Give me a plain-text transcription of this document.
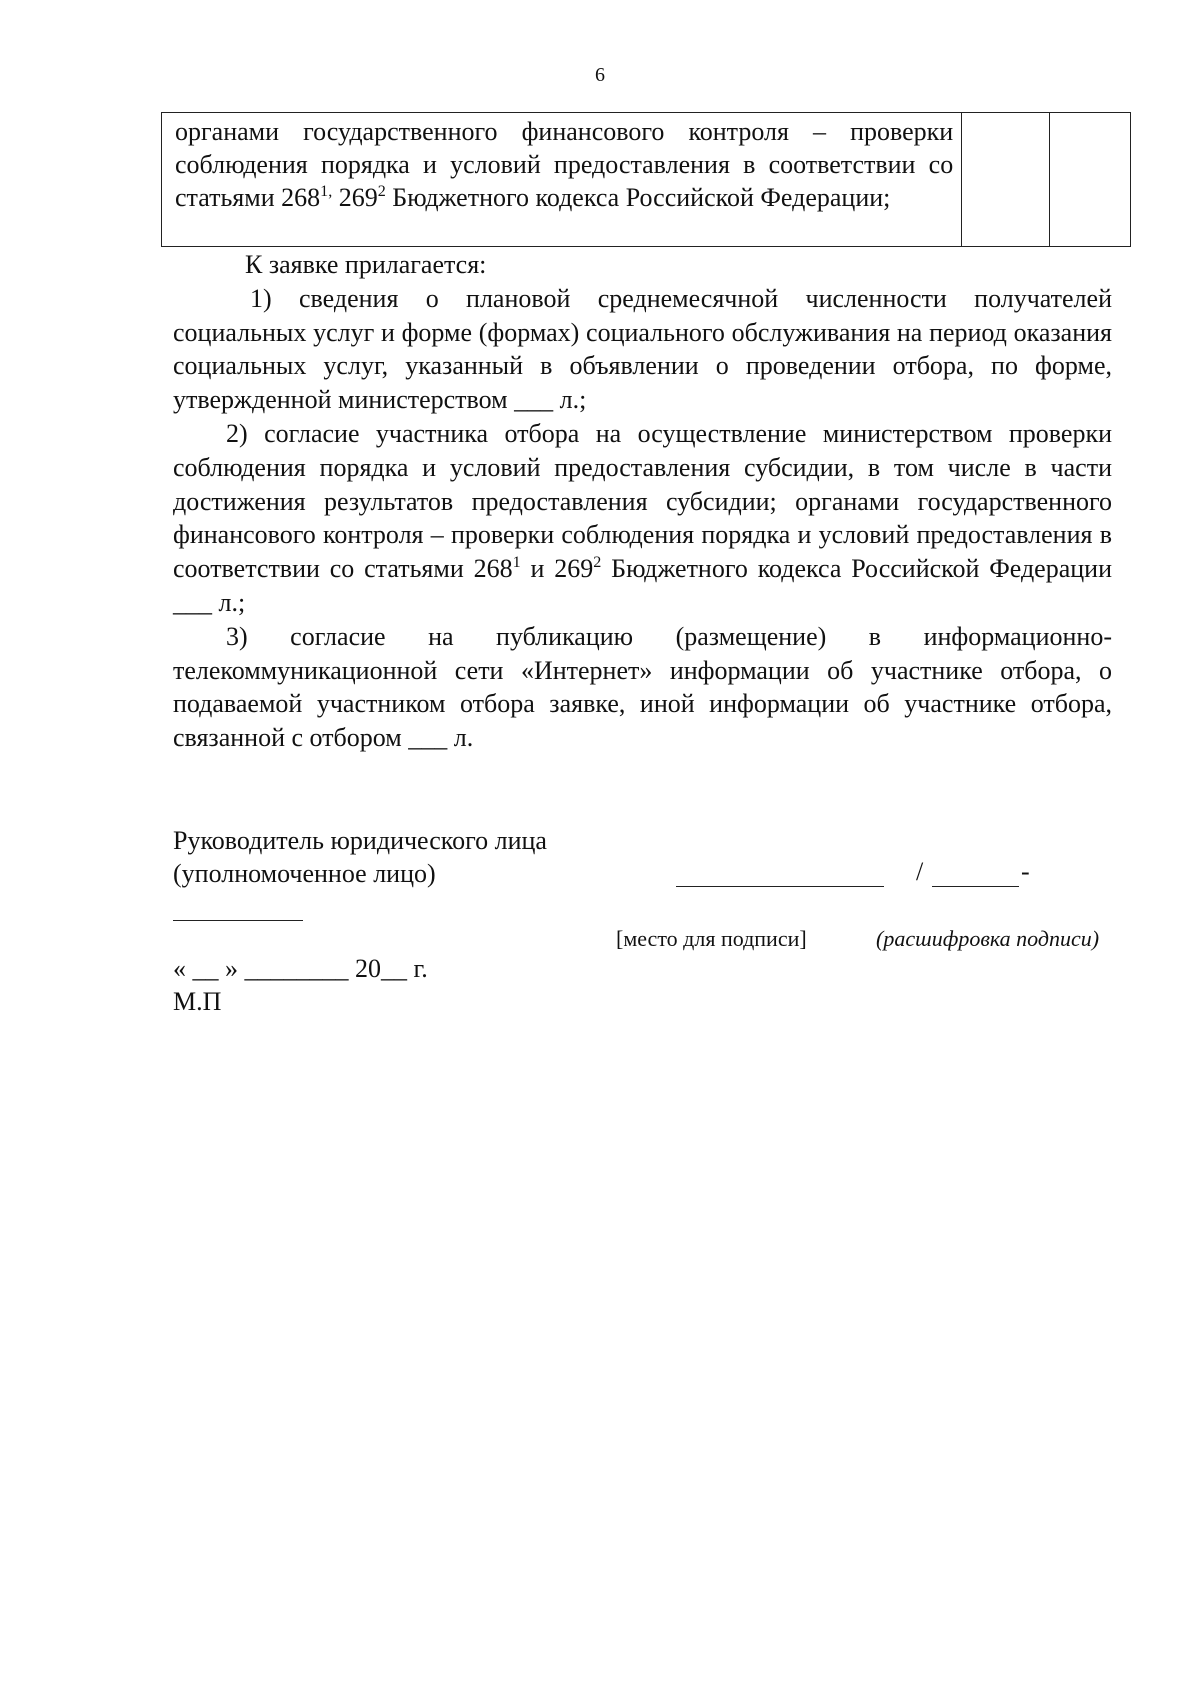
6
органами государственного финансового контроля – проверки соблюдения порядка и условий предоставления в соответствии со статьями $268^{1,}$ $269^2$ Бюджетного кодекса Российской Федерации;		

К заявке прилагается:

1) сведения о плановой среднемесячной численности получателей социальных услуг и форме (формах) социального обслуживания на период оказания социальных услуг, указанный в объявлении о проведении отбора, по форме, утвержденной министерством ___ л.;

2) согласие участника отбора на осуществление министерством проверки соблюдения порядка и условий предоставления субсидии, в том числе в части достижения результатов предоставления субсидии; органами государственного финансового контроля – проверки соблюдения порядка и условий предоставления в соответствии со статьями $268^1$ и $269^2$ Бюджетного кодекса Российской Федерации ___ л.;

3) согласие на публикацию (размещение) в информационно-телекоммуникационной сети «Интернет» информации об участнике отбора, о подаваемой участником отбора заявке, иной информации об участнике отбора, связанной с отбором ___ л.

Руководитель юридического лица
(уполномоченное лицо)	/	-
[место для подписи]	(расшифровка подписи)
« __ » ________ 20__ г.
М.П
